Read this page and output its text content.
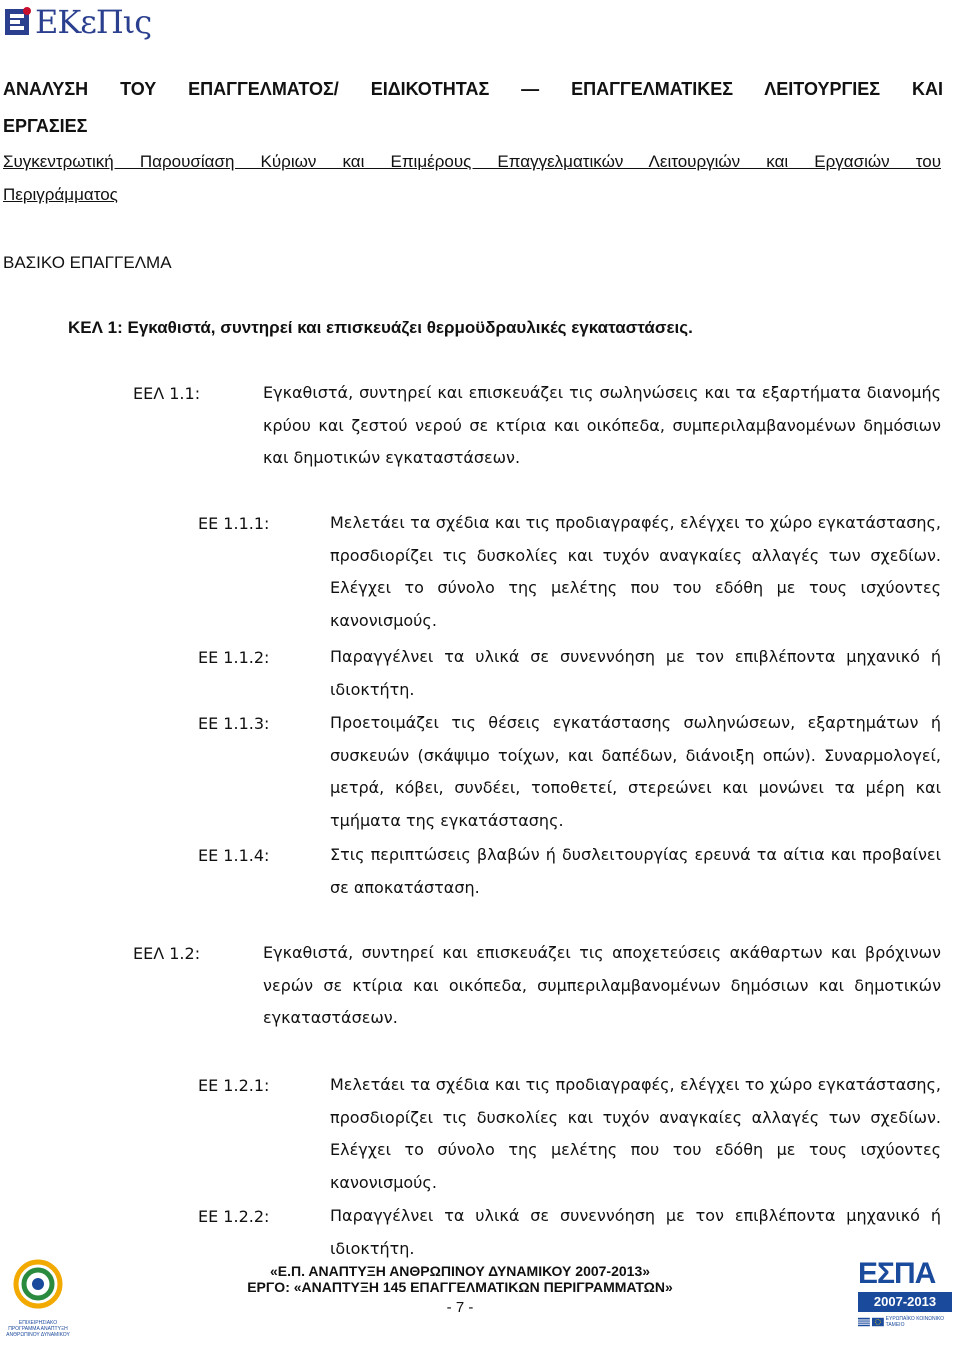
ΕΚεΠις
ΑΝΑΛΥΣΗ ΤΟΥ ΕΠΑΓΓΕΛΜΑΤΟΣ/ ΕΙΔΙΚΟΤΗΤΑΣ — ΕΠΑΓΓΕΛΜΑΤΙΚΕΣ ΛΕΙΤΟΥΡΓΙΕΣ ΚΑΙ
ΕΡΓΑΣΙΕΣ
Συγκεντρωτική Παρουσίαση Κύριων και Επιμέρους Επαγγελματικών Λειτουργιών και Εργασιών του
Περιγράμματος
ΒΑΣΙΚΟ ΕΠΑΓΓΕΛΜΑ
ΚΕΛ 1: Εγκαθιστά, συντηρεί και επισκευάζει θερμοϋδραυλικές εγκαταστάσεις.
ΕΕΛ 1.1:	Εγκαθιστά, συντηρεί και επισκευάζει τις σωληνώσεις και τα εξαρτήματα διανομής κρύου και ζεστού νερού σε κτίρια και οικόπεδα, συμπεριλαμβανομένων δημόσιων και δημοτικών εγκαταστάσεων.
ΕΕ 1.1.1:	Μελετάει τα σχέδια και τις προδιαγραφές, ελέγχει το χώρο εγκατάστασης, προσδιορίζει τις δυσκολίες και τυχόν αναγκαίες αλλαγές των σχεδίων. Ελέγχει το σύνολο της μελέτης που του εδόθη με τους ισχύοντες κανονισμούς.
ΕΕ 1.1.2:	Παραγγέλνει τα υλικά σε συνεννόηση με τον επιβλέποντα μηχανικό ή ιδιοκτήτη.
ΕΕ 1.1.3:	Προετοιμάζει τις θέσεις εγκατάστασης σωληνώσεων, εξαρτημάτων ή συσκευών (σκάψιμο τοίχων, και δαπέδων, διάνοιξη οπών). Συναρμολογεί, μετρά, κόβει, συνδέει, τοποθετεί, στερεώνει και μονώνει τα μέρη και τμήματα της εγκατάστασης.
ΕΕ 1.1.4:	Στις περιπτώσεις βλαβών ή δυσλειτουργίας ερευνά τα αίτια και προβαίνει σε αποκατάσταση.
ΕΕΛ 1.2:	Εγκαθιστά, συντηρεί και επισκευάζει τις αποχετεύσεις ακάθαρτων και βρόχινων νερών σε κτίρια και οικόπεδα, συμπεριλαμβανομένων δημόσιων και δημοτικών εγκαταστάσεων.
ΕΕ 1.2.1:	Μελετάει τα σχέδια και τις προδιαγραφές, ελέγχει το χώρο εγκατάστασης, προσδιορίζει τις δυσκολίες και τυχόν αναγκαίες αλλαγές των σχεδίων. Ελέγχει το σύνολο της μελέτης που του εδόθη με τους ισχύοντες κανονισμούς.
ΕΕ 1.2.2:	Παραγγέλνει τα υλικά σε συνεννόηση με τον επιβλέποντα μηχανικό ή ιδιοκτήτη.
ΕΠΙΧΕΙΡΗΣΙΑΚΟ ΠΡΟΓΡΑΜΜΑ ΑΝΑΠΤΥΞΗ ΑΝΘΡΩΠΙΝΟΥ ΔΥΝΑΜΙΚΟΥ
«Ε.Π. ΑΝΑΠΤΥΞΗ ΑΝΘΡΩΠΙΝΟΥ ΔΥΝΑΜΙΚΟΥ 2007-2013»
ΕΡΓΟ: «ΑΝΑΠΤΥΞΗ 145 ΕΠΑΓΓΕΛΜΑΤΙΚΩΝ ΠΕΡΙΓΡΑΜΜΑΤΩΝ»
- 7 -
ΕΣΠΑ
2007-2013
ΕΥΡΩΠΑΪΚΟ ΚΟΙΝΩΝΙΚΟ ΤΑΜΕΙΟ
